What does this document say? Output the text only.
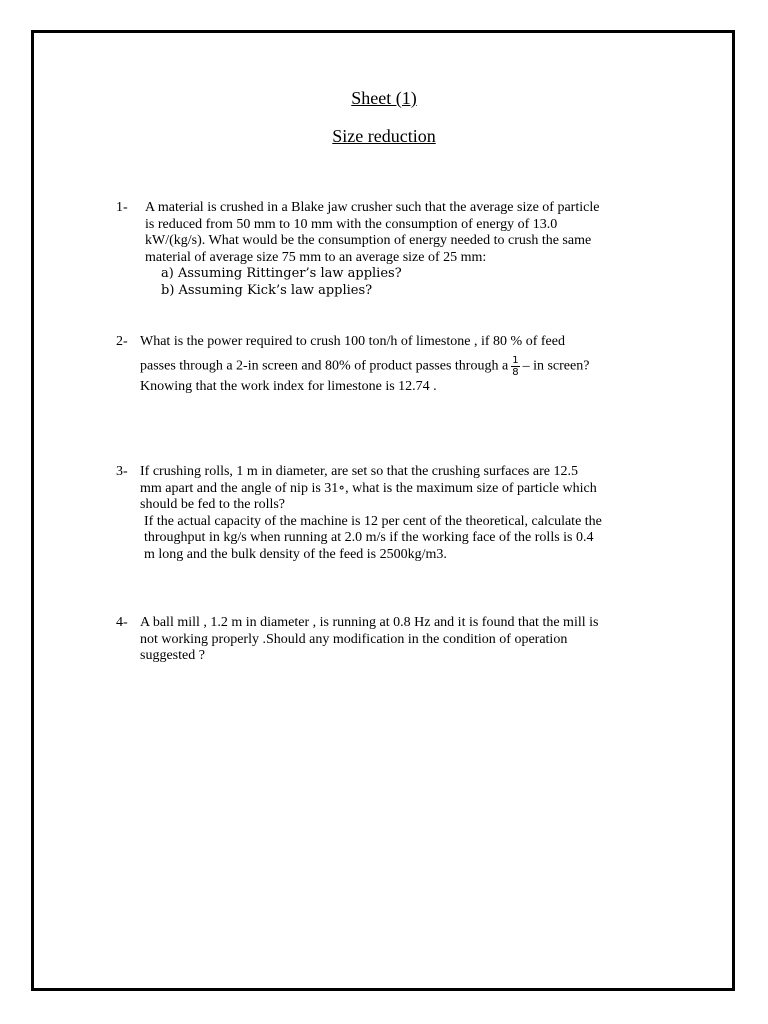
Sheet (1)
Size reduction
1- A material is crushed in a Blake jaw crusher such that the average size of particle
is reduced from 50 mm to 10 mm with the consumption of energy of 13.0
kW/(kg/s). What would be the consumption of energy needed to crush the same
material of average size 75 mm to an average size of 25 mm:
a) Assuming Rittinger’s law applies?
b) Assuming Kick’s law applies?
2- What is the power required to crush 100 ton/h of limestone , if 80 % of feed
passes through a 2-in screen and 80% of product passes through a $\frac{1}{8}$ – in screen?
Knowing that the work index for limestone is 12.74 .
3- If crushing rolls, 1 m in diameter, are set so that the crushing surfaces are 12.5
mm apart and the angle of nip is 31∘, what is the maximum size of particle which
should be fed to the rolls?
If the actual capacity of the machine is 12 per cent of the theoretical, calculate the
throughput in kg/s when running at 2.0 m/s if the working face of the rolls is 0.4
m long and the bulk density of the feed is 2500kg/m3.
4- A ball mill , 1.2 m in diameter , is running at 0.8 Hz and it is found that the mill is
not working properly .Should any modification in the condition of operation
suggested ?
